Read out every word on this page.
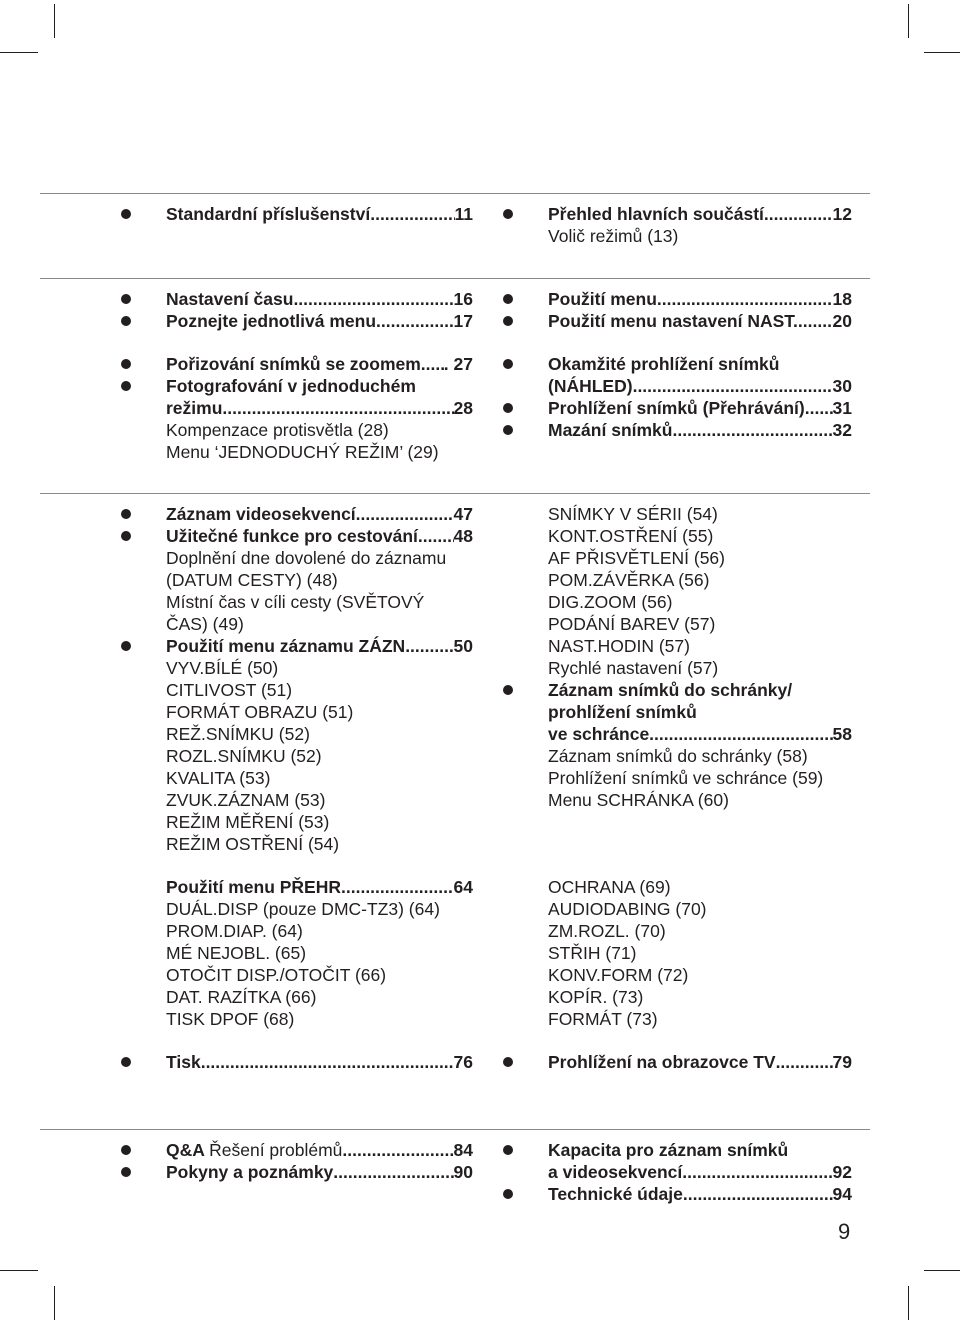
Standardní příslušenství .....	11	Přehled hlavních součástí .....	12
Volič režimů (13)
Nastavení času .....	16
Poznejte jednotlivá menu .....	17
Pořizování snímků se zoomem ..... . 27
Fotografování v jednoduchém
režimu .....	28
Kompenzace protisvětla (28)
Menu ‘JEDNODUCHÝ REŽIM’ (29)
Použití menu .....	18
Použití menu nastavení NAST. ..... 20
Okamžité prohlížení snímků
(NÁHLED) .....	30
Prohlížení snímků (Přehrávání) ..... 31
Mazání snímků .....	32
Záznam videosekvencí .....	47
Užitečné funkce pro cestování ..... 48
Doplnění dne dovolené do záznamu
(DATUM CESTY) (48)
Místní čas v cíli cesty (SVĚTOVÝ
ČAS) (49)
Použití menu záznamu ZÁZN .....	50
VYV.BÍLÉ (50)
CITLIVOST (51)
FORMÁT OBRAZU (51)
REŽ.SNÍMKU (52)
ROZL.SNÍMKU (52)
KVALITA (53)
ZVUK.ZÁZNAM (53)
REŽIM MĚŘENÍ (53)
REŽIM OSTŘENÍ (54)
Použití menu PŘEHR. .....	64
DUÁL.DISP (pouze DMC-TZ3) (64)
PROM.DIAP. (64)
MÉ NEJOBL. (65)
OTOČIT DISP./OTOČIT (66)
DAT. RAZÍTKA (66)
TISK DPOF (68)
Tisk .....	76
SNÍMKY V SÉRII (54)
KONT.OSTŘENÍ (55)
AF PŘISVĚTLENÍ (56)
POM.ZÁVĚRKA (56)
DIG.ZOOM (56)
PODÁNÍ BAREV (57)
NAST.HODIN (57)
Rychlé nastavení (57)
Záznam snímků do schránky/
prohlížení snímků
ve schránce. .....	58
Záznam snímků do schránky (58)
Prohlížení snímků ve schránce (59)
Menu SCHRÁNKA (60)
OCHRANA (69)
AUDIODABING (70)
ZM.ROZL. (70)
STŘIH (71)
KONV.FORM (72)
KOPÍR. (73)
FORMÁT (73)
Prohlížení na obrazovce TV .....	79
Q&A Řešení problémů .....	84
Pokyny a poznámky .....	90
Kapacita pro záznam snímků
a videosekvencí .....	92
Technické údaje .....	94
9
